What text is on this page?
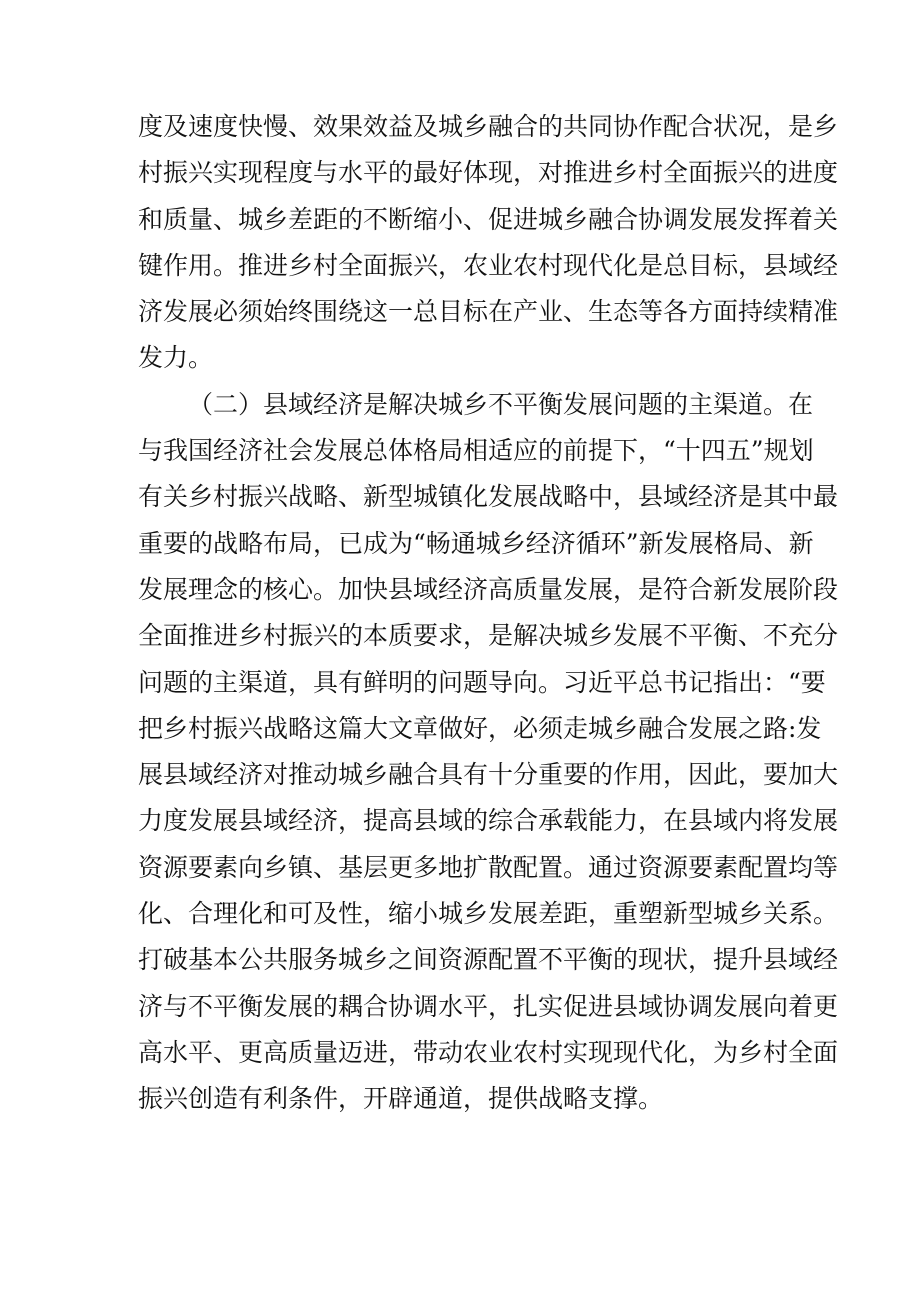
度及速度快慢、效果效益及城乡融合的共同协作配合状况，是乡
村振兴实现程度与水平的最好体现，对推进乡村全面振兴的进度
和质量、城乡差距的不断缩小、促进城乡融合协调发展发挥着关
键作用。推进乡村全面振兴，农业农村现代化是总目标，县域经
济发展必须始终围绕这一总目标在产业、生态等各方面持续精准
发力。
（二）县域经济是解决城乡不平衡发展问题的主渠道。在
与我国经济社会发展总体格局相适应的前提下，“十四五”规划
有关乡村振兴战略、新型城镇化发展战略中，县域经济是其中最
重要的战略布局，已成为“畅通城乡经济循环”新发展格局、新
发展理念的核心。加快县域经济高质量发展，是符合新发展阶段
全面推进乡村振兴的本质要求，是解决城乡发展不平衡、不充分
问题的主渠道，具有鲜明的问题导向。习近平总书记指出：“要
把乡村振兴战略这篇大文章做好，必须走城乡融合发展之路:发
展县域经济对推动城乡融合具有十分重要的作用，因此，要加大
力度发展县域经济，提高县域的综合承载能力，在县域内将发展
资源要素向乡镇、基层更多地扩散配置。通过资源要素配置均等
化、合理化和可及性，缩小城乡发展差距，重塑新型城乡关系。
打破基本公共服务城乡之间资源配置不平衡的现状，提升县域经
济与不平衡发展的耦合协调水平，扎实促进县域协调发展向着更
高水平、更高质量迈进，带动农业农村实现现代化，为乡村全面
振兴创造有利条件，开辟通道，提供战略支撑。
